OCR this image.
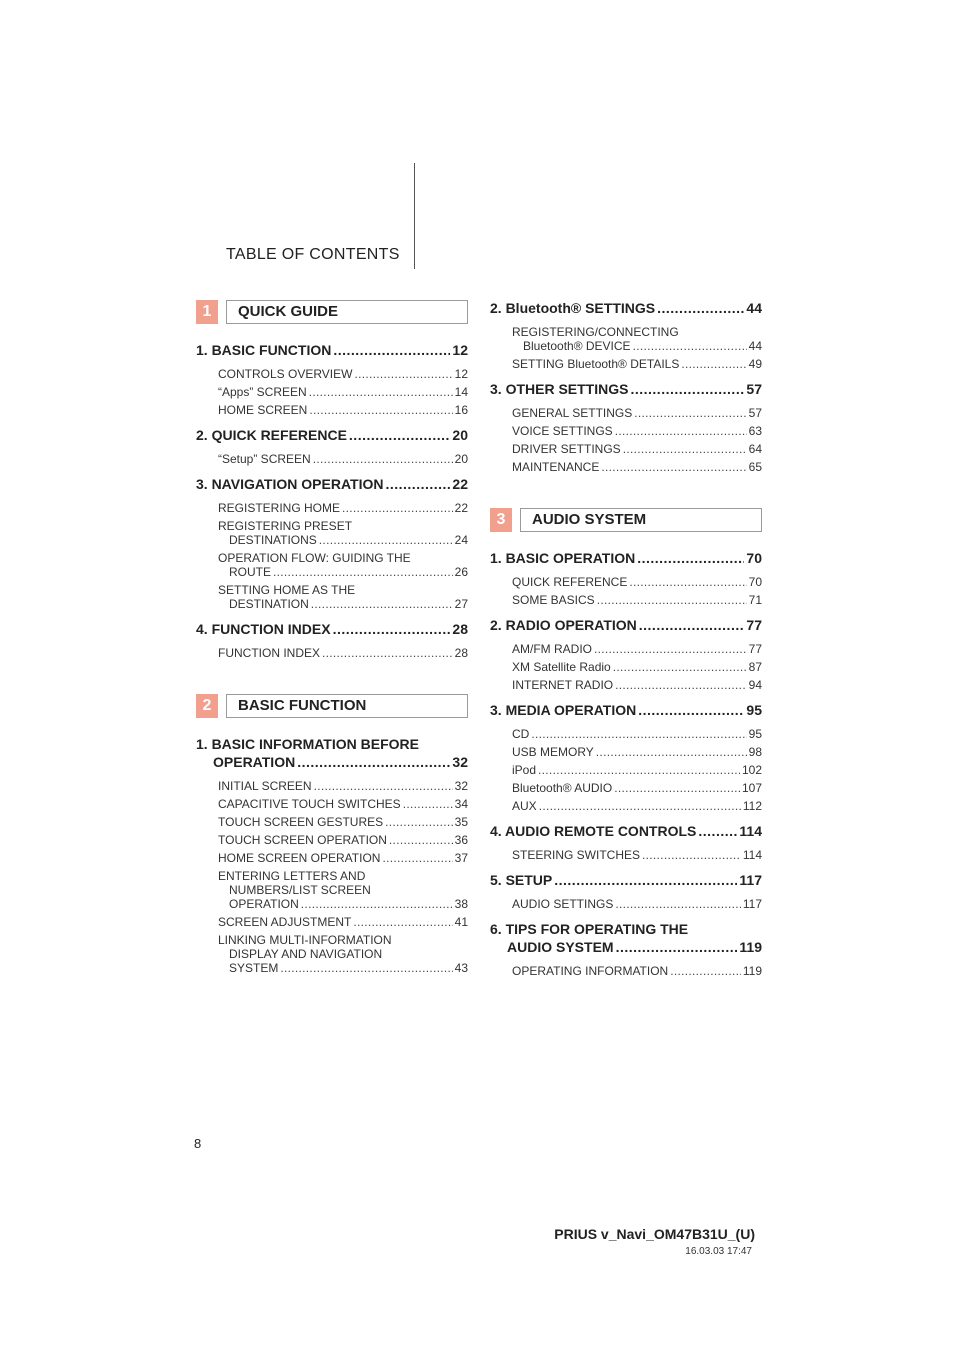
TABLE OF CONTENTS
1	QUICK GUIDE
1. BASIC FUNCTION .....	12
CONTROLS OVERVIEW .....	12
“Apps” SCREEN .....	14
HOME SCREEN .....	16
2. QUICK REFERENCE .....	20
“Setup” SCREEN .....	20
3. NAVIGATION OPERATION .....	22
REGISTERING HOME .....	22
REGISTERING PRESET
DESTINATIONS .....	24
OPERATION FLOW: GUIDING THE
ROUTE .....	26
SETTING HOME AS THE
DESTINATION .....	27
4. FUNCTION INDEX .....	28
FUNCTION INDEX .....	28
2	BASIC FUNCTION
1. BASIC INFORMATION BEFORE
OPERATION .....	32
INITIAL SCREEN .....	32
CAPACITIVE TOUCH SWITCHES .....	34
TOUCH SCREEN GESTURES .....	35
TOUCH SCREEN OPERATION .....	36
HOME SCREEN OPERATION .....	37
ENTERING LETTERS AND
NUMBERS/LIST SCREEN
OPERATION .....	38
SCREEN ADJUSTMENT .....	41
LINKING MULTI-INFORMATION
DISPLAY AND NAVIGATION
SYSTEM .....	43
2. Bluetooth® SETTINGS .....	44
REGISTERING/CONNECTING
Bluetooth® DEVICE .....	44
SETTING Bluetooth® DETAILS .....	49
3. OTHER SETTINGS .....	57
GENERAL SETTINGS .....	57
VOICE SETTINGS .....	63
DRIVER SETTINGS .....	64
MAINTENANCE .....	65
3	AUDIO SYSTEM
1. BASIC OPERATION .....	70
QUICK REFERENCE .....	70
SOME BASICS .....	71
2. RADIO OPERATION .....	77
AM/FM RADIO .....	77
XM Satellite Radio .....	87
INTERNET RADIO .....	94
3. MEDIA OPERATION .....	95
CD .....	95
USB MEMORY .....	98
iPod .....	102
Bluetooth® AUDIO .....	107
AUX .....	112
4. AUDIO REMOTE CONTROLS .....	114
STEERING SWITCHES .....	114
5. SETUP .....	117
AUDIO SETTINGS .....	117
6. TIPS FOR OPERATING THE
AUDIO SYSTEM .....	119
OPERATING INFORMATION .....	119
8
PRIUS v_Navi_OM47B31U_(U)
16.03.03 17:47
